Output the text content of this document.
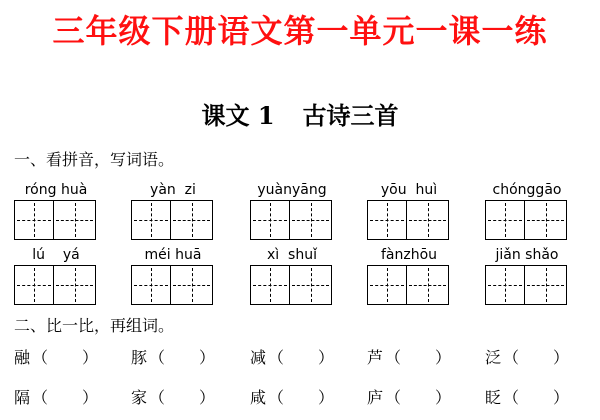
三年级下册语文第一单元一课一练
课文 1 古诗三首
一、看拼音，写词语。
róng huà	yàn  zi	yuànyāng	yōu  huì	chónggāo
lú    yá	méi huā	xì  shuǐ	fànzhōu	jiǎn shǎo
二、比一比，再组词。
融 （ ） 豚 （ ） 减 （ ） 芦 （ ） 泛 （ ）
隔 （ ） 家 （ ） 咸 （ ） 庐 （ ） 眨 （ ）
